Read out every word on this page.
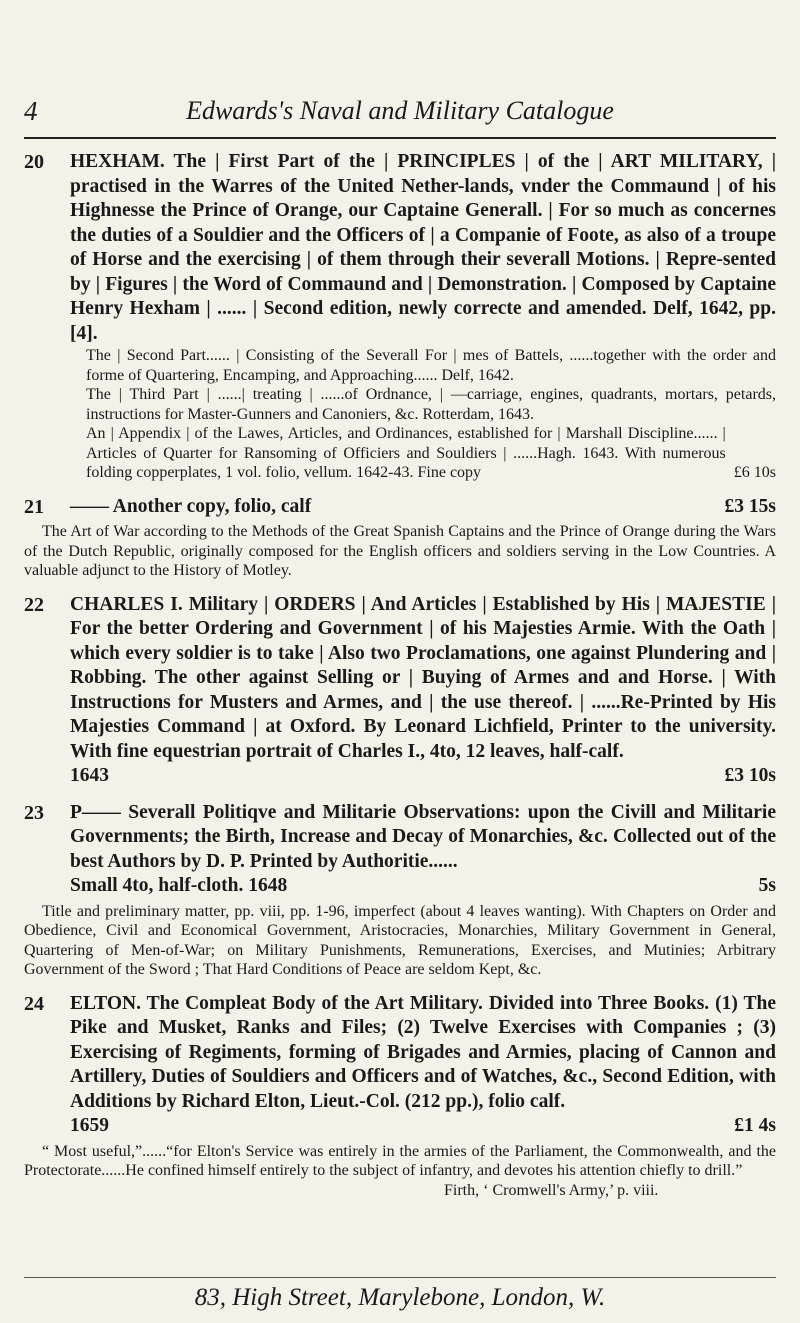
4	Edwards's Naval and Military Catalogue
20	HEXHAM. The | First Part of the | PRINCIPLES | of the | ART MILITARY, | practised in the Warres of the United Nether-lands, vnder the Commaund | of his Highnesse the Prince of Orange, our Captaine Generall. | For so much as concernes the duties of a Souldier and the Officers of | a Companie of Foote, as also of a troupe of Horse and the exercising | of them through their severall Motions. | Repre-sented by | Figures | the Word of Commaund and | Demonstration. | Composed by Captaine Henry Hexham | ...... | Second edition, newly correcte and amended. Delf, 1642, pp. [4].
The | Second Part...... | Consisting of the Severall For | mes of Battels, ......together with the order and forme of Quartering, Encamping, and Approaching...... Delf, 1642.
The | Third Part | ......| treating | ......of Ordnance, | —carriage, engines, quadrants, mortars, petards, instructions for Master-Gunners and Canoniers, &c. Rotterdam, 1643.
An | Appendix | of the Lawes, Articles, and Ordinances, established for | Marshall Discipline...... | Articles of Quarter for Ransoming of Officiers and Souldiers | ......Hagh. 1643. With numerous folding copperplates, 1 vol. folio, vellum. 1642-43. Fine copy	£6 10s
21	—— Another copy, folio, calf	£3 15s
The Art of War according to the Methods of the Great Spanish Captains and the Prince of Orange during the Wars of the Dutch Republic, originally composed for the English officers and soldiers serving in the Low Countries. A valuable adjunct to the History of Motley.
22	CHARLES I. Military | ORDERS | And Articles | Established by His | MAJESTIE | For the better Ordering and Government | of his Majesties Armie. With the Oath | which every soldier is to take | Also two Proclamations, one against Plundering and | Robbing. The other against Selling or | Buying of Armes and and Horse. | With Instructions for Musters and Armes, and | the use thereof. | ......Re-Printed by His Majesties Command | at Oxford. By Leonard Lichfield, Printer to the university. With fine equestrian portrait of Charles I., 4to, 12 leaves, half-calf.
1643	£3 10s
23	P—— Severall Politiqve and Militarie Observations: upon the Civill and Militarie Governments; the Birth, Increase and Decay of Monarchies, &c. Collected out of the best Authors by D. P. Printed by Authoritie......
Small 4to, half-cloth. 1648	5s
Title and preliminary matter, pp. viii, pp. 1-96, imperfect (about 4 leaves wanting). With Chapters on Order and Obedience, Civil and Economical Government, Aristocracies, Monarchies, Military Government in General, Quartering of Men-of-War; on Military Punishments, Remunerations, Exercises, and Mutinies; Arbitrary Government of the Sword ; That Hard Conditions of Peace are seldom Kept, &c.
24	ELTON. The Compleat Body of the Art Military. Divided into Three Books. (1) The Pike and Musket, Ranks and Files; (2) Twelve Exercises with Companies ; (3) Exercising of Regiments, forming of Brigades and Armies, placing of Cannon and Artillery, Duties of Souldiers and Officers and of Watches, &c., Second Edition, with Additions by Richard Elton, Lieut.-Col. (212 pp.), folio calf.
1659	£1 4s
“ Most useful,”......“for Elton's Service was entirely in the armies of the Parliament, the Commonwealth, and the Protectorate......He confined himself entirely to the subject of infantry, and devotes his attention chiefly to drill.”
Firth, ‘ Cromwell's Army,’ p. viii.
83, High Street, Marylebone, London, W.
